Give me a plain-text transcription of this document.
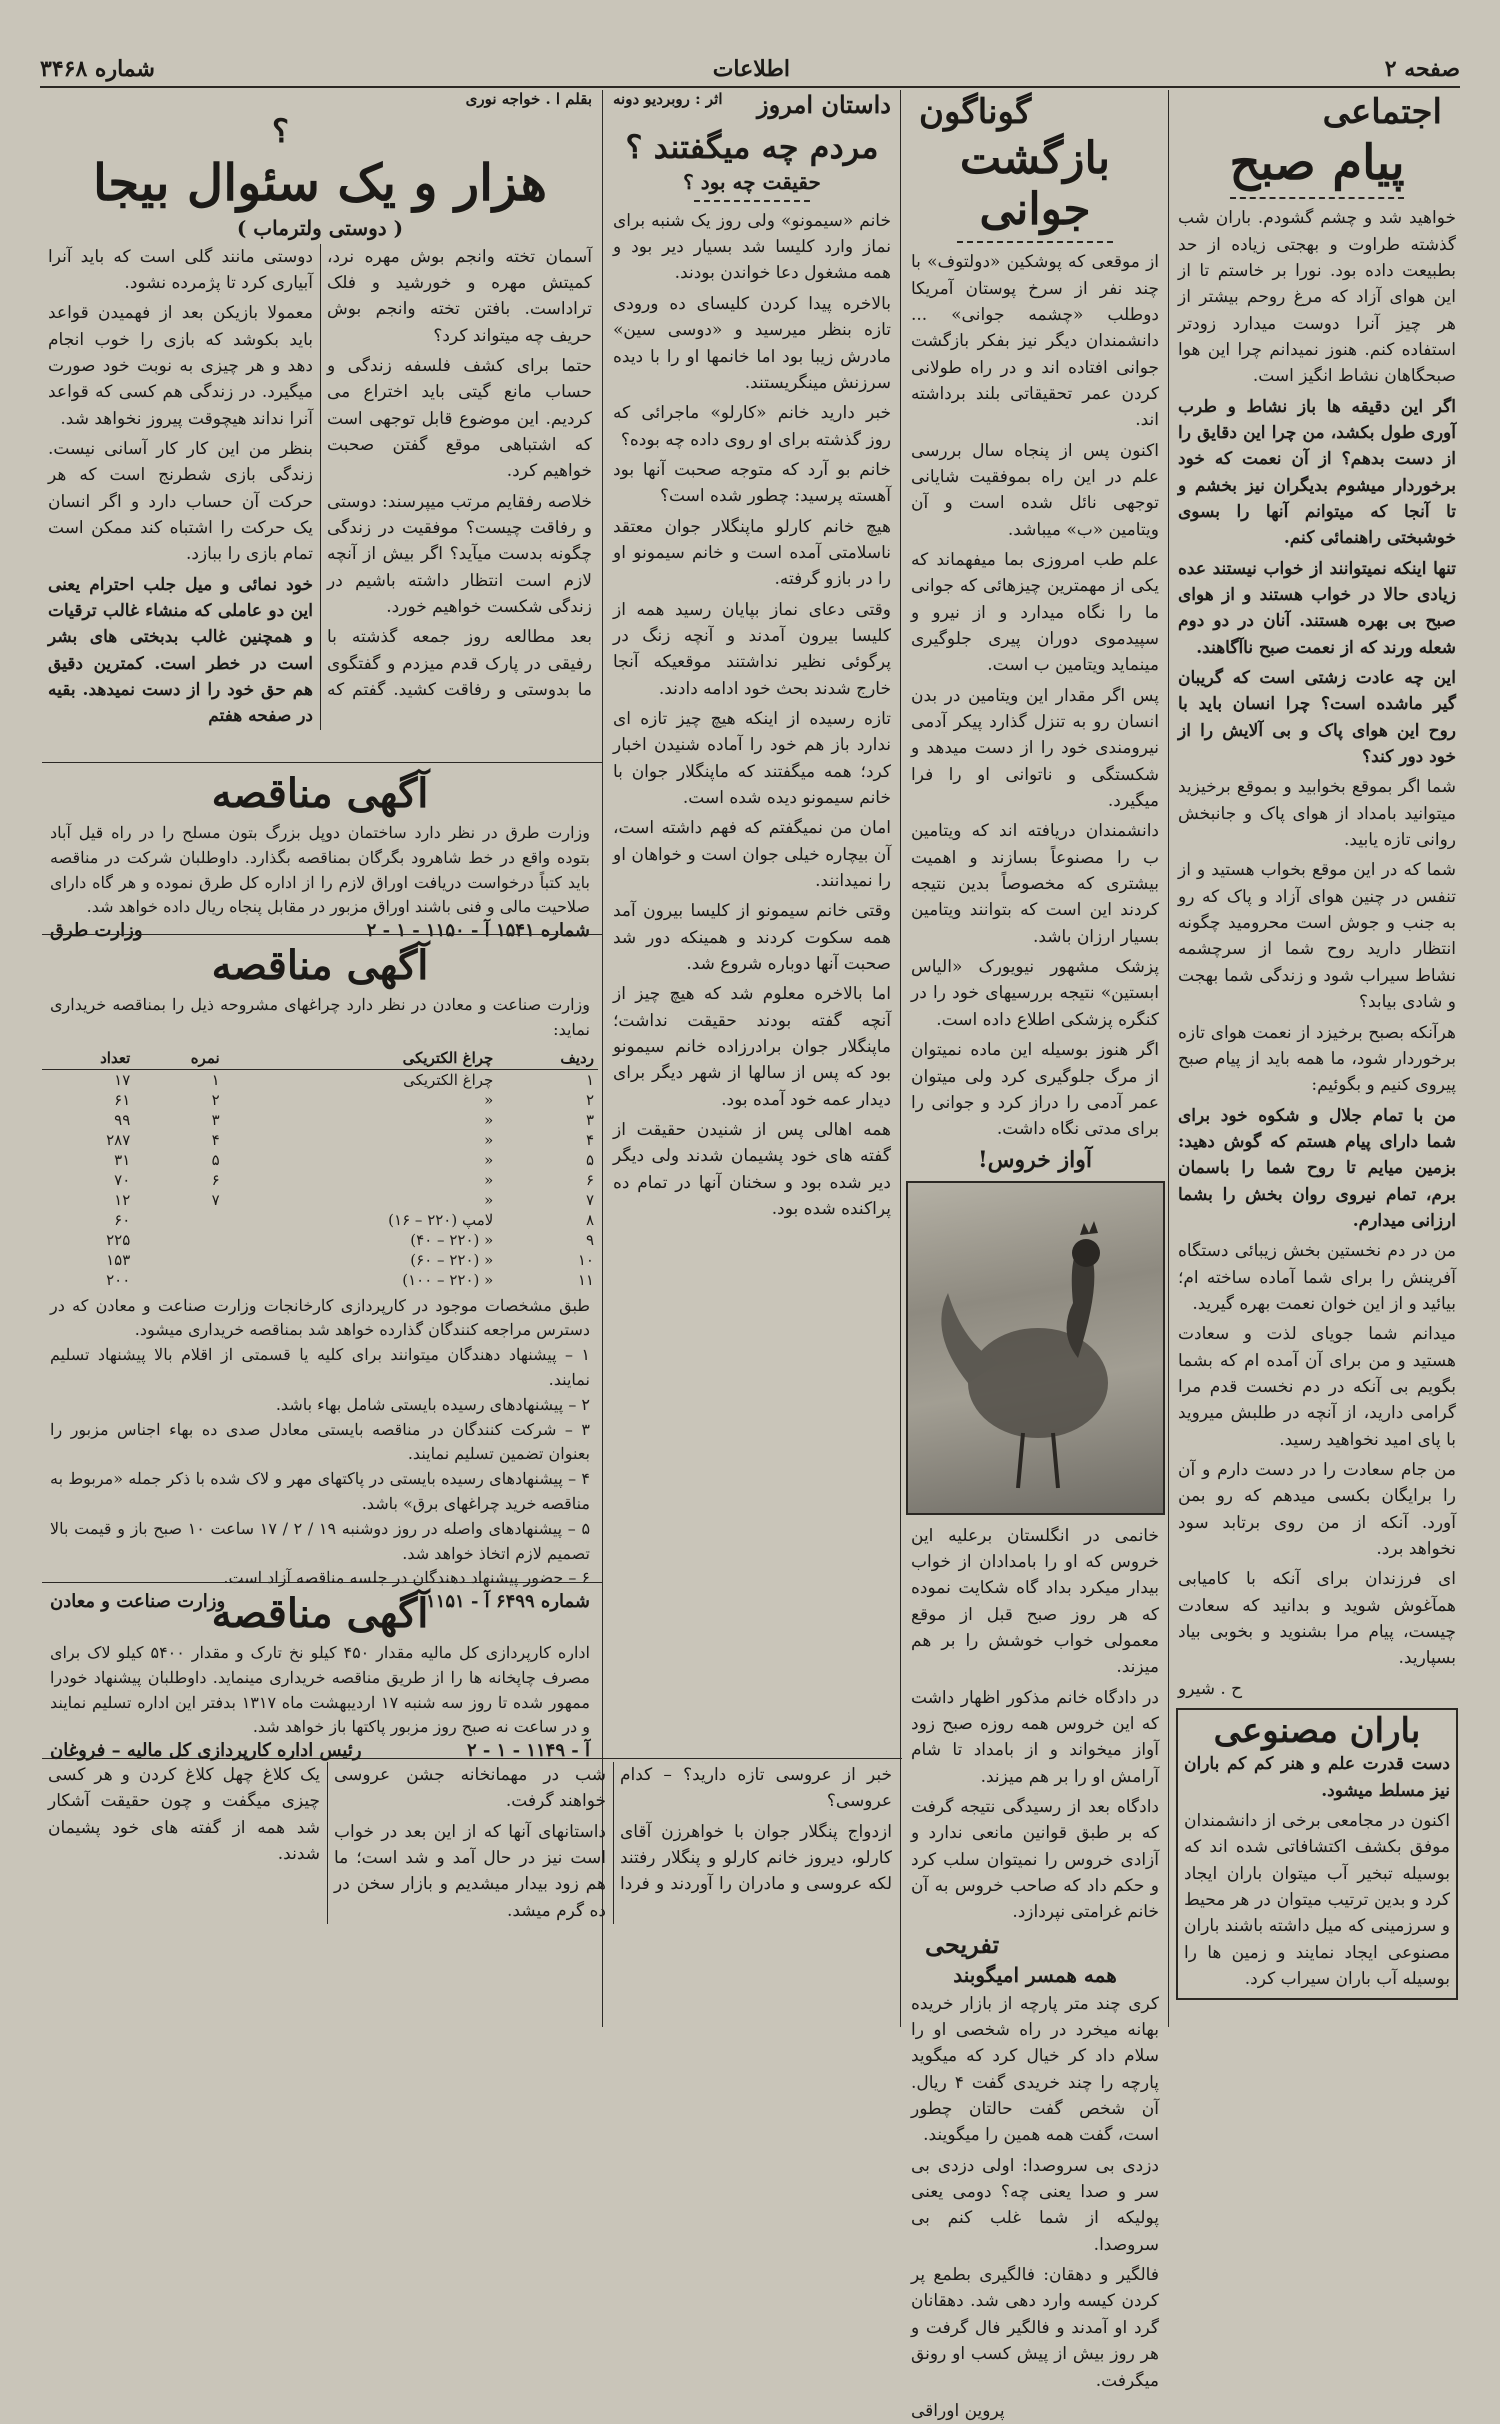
صفحه ۲
اطلاعات
شماره ۳۴۶۸
اجتماعی
پیام صبح

خواهید شد و چشم گشودم. باران شب گذشته طراوت و بهجتی زیاده از حد بطبیعت داده بود. نورا بر خاستم تا از این هوای آزاد که مرغ روحم بیشتر از هر چیز آنرا دوست میدارد زودتر استفاده کنم. هنوز نمیدانم چرا این هوا صبحگاهان نشاط انگیز است.

اگر این دقیقه ها باز نشاط و طرب آوری طول بکشد، من چرا این دقایق را از دست بدهم؟ از آن نعمت که خود برخوردار میشوم بدیگران نیز بخشم و تا آنجا که میتوانم آنها را بسوی خوشبختی راهنمائی کنم.

تنها اینکه نمیتوانند از خواب نیستند عده زیادی حالا در خواب هستند و از هوای صبح بی بهره هستند. آنان در دو دوم شعله ورند که از نعمت صبح ناآگاهند.

این چه عادت زشتی است که گریبان گیر ماشده است؟ چرا انسان باید با روح این هوای پاک و بی آلایش را از خود دور کند؟

شما اگر بموقع بخوابید و بموقع برخیزید میتوانید بامداد از هوای پاک و جانبخش روانی تازه یابید.

شما که در این موقع بخواب هستید و از تنفس در چنین هوای آزاد و پاک که رو به جنب و جوش است محرومید چگونه انتظار دارید روح شما از سرچشمه نشاط سیراب شود و زندگی شما بهجت و شادی بیابد؟

هرآنکه بصبح برخیزد از نعمت هوای تازه برخوردار شود، ما همه باید از پیام صبح پیروی کنیم و بگوئیم:

من با تمام جلال و شکوه خود برای شما دارای پیام هستم که گوش دهید: بزمین میایم تا روح شما را باسمان برم، تمام نیروی روان بخش را بشما ارزانی میدارم.

من در دم نخستین بخش زیبائی دستگاه آفرینش را برای شما آماده ساخته ام؛ بیائید و از این خوان نعمت بهره گیرید.

میدانم شما جویای لذت و سعادت هستید و من برای آن آمده ام که بشما بگویم بی آنکه در دم نخست قدم مرا گرامی دارید، از آنچه در طلبش میروید با پای امید نخواهید رسید.

من جام سعادت را در دست دارم و آن را برایگان بکسی میدهم که رو بمن آورد. آنکه از من روی برتابد سود نخواهد برد.

ای فرزندان برای آنکه با کامیابی همآغوش شوید و بدانید که سعادت چیست، پیام مرا بشنوید و بخوبی بیاد بسپارید.

ح . شیرو

باران مصنوعی

دست قدرت علم و هنر کم کم باران نیز مسلط میشود.

اکنون در مجامعی برخی از دانشمندان موفق بکشف اکتشافاتی شده اند که بوسیله تبخیر آب میتوان باران ایجاد کرد و بدین ترتیب میتوان در هر محیط و سرزمینی که میل داشته باشند باران مصنوعی ایجاد نمایند و زمین ها را بوسیله آب باران سیراب کرد.

گوناگون
بازگشت جوانی

از موقعی که پوشکین «دولتوف» با چند نفر از سرخ پوستان آمریکا دوطلب «چشمه جوانی» ... دانشمندان دیگر نیز بفکر بازگشت جوانی افتاده اند و در راه طولانی کردن عمر تحقیقاتی بلند برداشته اند.

اکنون پس از پنجاه سال بررسی علم در این راه بموفقیت شایانی توجهی نائل شده است و آن ویتامین «ب» میباشد.

علم طب امروزی بما میفهماند که یکی از مهمترین چیزهائی که جوانی ما را نگاه میدارد و از نیرو و سپیدموی دوران پیری جلوگیری مینماید ویتامین ب است.

پس اگر مقدار این ویتامین در بدن انسان رو به تنزل گذارد پیکر آدمی نیرومندی خود را از دست میدهد و شکستگی و ناتوانی او را فرا میگیرد.

دانشمندان دریافته اند که ویتامین ب را مصنوعاً بسازند و اهمیت بیشتری که مخصوصاً بدین نتیجه کردند این است که بتوانند ویتامین بسیار ارزان باشد.

پزشک مشهور نیویورک «الیاس ابستین» نتیجه بررسیهای خود را در کنگره پزشکی اطلاع داده است.

اگر هنوز بوسیله این ماده نمیتوان از مرگ جلوگیری کرد ولی میتوان عمر آدمی را دراز کرد و جوانی را برای مدتی نگاه داشت.

آواز خروس!

خانمی در انگلستان برعلیه این خروس که او را بامدادان از خواب بیدار میکرد بداد گاه شکایت نموده که هر روز صبح قبل از موقع معمولی خواب خوشش را بر هم میزند.

در دادگاه خانم مذکور اظهار داشت که این خروس همه روزه صبح زود آواز میخواند و از بامداد تا شام آرامش او را بر هم میزند.

دادگاه بعد از رسیدگی نتیجه گرفت که بر طبق قوانین مانعی ندارد و آزادی خروس را نمیتوان سلب کرد و حکم داد که صاحب خروس به آن خانم غرامتی نپردازد.

تفریحی
همه همسر امیگوبند

کری چند متر پارچه از بازار خریده بهانه میخرد در راه شخصی او را سلام داد کر خیال کرد که میگوید پارچه را چند خریدی گفت ۴ ریال. آن شخص گفت حالتان چطور است، گفت همه همین را میگویند.

دزدی بی سروصدا: اولی دزدی بی سر و صدا یعنی چه؟ دومی یعنی پولیکه از شما غلب کنم بی سروصدا.

فالگیر و دهقان: فالگیری بطمع پر کردن کیسه وارد دهی شد. دهقانان گرد او آمدند و فالگیر فال گرفت و هر روز بیش از پیش کسب او رونق میگرفت.

پروین اوراقی

داستان امروز
اثر : روبردیو دونه
مردم چه میگفتند ؟
حقیقت چه بود ؟

خانم «سیمونو» ولی روز یک شنبه برای نماز وارد کلیسا شد بسیار دیر بود و همه مشغول دعا خواندن بودند.

بالاخره پیدا کردن کلیساى ده ورودی تازه بنظر میرسید و «دوسی سین» مادرش زیبا بود اما خانمها او را با دیده سرزنش مینگریستند.

خبر دارید خانم «کارلو» ماجرائی که روز گذشته برای او روی داده چه بوده؟

خانم بو آرد که متوجه صحبت آنها بود آهسته پرسید: چطور شده است؟

هیچ خانم کارلو ماپنگلار جوان معتقد ناسلامتی آمده است و خانم سیمونو او را در بازو گرفته.

وقتی دعای نماز بپایان رسید همه از کلیسا بیرون آمدند و آنچه زنگ در پرگوئی نظیر نداشتند موقعیکه آنجا خارج شدند بحث خود ادامه دادند.

تازه رسیده از اینکه هیچ چیز تازه ای ندارد باز هم خود را آماده شنیدن اخبار کرد؛ همه میگفتند که ماپنگلار جوان با خانم سیمونو دیده شده است.

امان من نمیگفتم که فهم داشته است، آن بیچاره خیلی جوان است و خواهان او را نمیدانند.

وقتی خانم سیمونو از کلیسا بیرون آمد همه سکوت کردند و همینکه دور شد صحبت آنها دوباره شروع شد.

اما بالاخره معلوم شد که هیچ چیز از آنچه گفته بودند حقیقت نداشت؛ ماپنگلار جوان برادرزاده خانم سیمونو بود که پس از سالها از شهر دیگر برای دیدار عمه خود آمده بود.

همه اهالی پس از شنیدن حقیقت از گفته های خود پشیمان شدند ولی دیگر دیر شده بود و سخنان آنها در تمام ده پراکنده شده بود.

بقلم ا . خواجه نوری
؟
هزار و یک سئوال بیجا
( دوستی ولترماب )

آسمان تخته وانجم بوش مهره نرد، کمیتش مهره و خورشید و فلک تراداست. بافتن تخته وانجم بوش حریف چه میتواند کرد؟

حتما برای کشف فلسفه زندگی و حساب مانع گیتی باید اختراع می کردیم. این موضوع قابل توجهی است که اشتباهی موقع گفتن صحبت خواهیم کرد.

خلاصه رفقایم مرتب میپرسند: دوستی و رفاقت چیست؟ موفقیت در زندگی چگونه بدست میآید؟ اگر بیش از آنچه لازم است انتظار داشته باشیم در زندگی شکست خواهیم خورد.

بعد مطالعه روز جمعه گذشته با رفیقی در پارک قدم میزدم و گفتگوی ما بدوستی و رفاقت کشید. گفتم که دوستی مانند گلی است که باید آنرا آبیاری کرد تا پژمرده نشود.

معمولا بازیکن بعد از فهمیدن قواعد باید بکوشد که بازی را خوب انجام دهد و هر چیزی به نوبت خود صورت میگیرد. در زندگی هم کسی که قواعد آنرا نداند هیچوقت پیروز نخواهد شد.

بنظر من این کار کار آسانی نیست. زندگی بازی شطرنج است که هر حرکت آن حساب دارد و اگر انسان یک حرکت را اشتباه کند ممکن است تمام بازی را ببازد.

خود نمائی و میل جلب احترام یعنی این دو عاملی که منشاء غالب ترقیات و همچنین غالب بدبختی های بشر است در خطر است. کمترین دقیق هم حق خود را از دست نمیدهد. بقیه در صفحه هفتم

آگهی مناقصه
وزارت طرق در نظر دارد ساختمان دوپل بزرگ بتون مسلح را در راه قیل آباد بتوده واقع در خط شاهرود بگرگان بمناقصه بگذارد. داوطلبان شرکت در مناقصه باید کتباً درخواست دریافت اوراق لازم را از اداره کل طرق نموده و هر گاه دارای صلاحیت مالی و فنی باشند اوراق مزبور در مقابل پنجاه ریال داده خواهد شد.
شماره ۱۵۴۱ آ - ۱۱۵۰ - ۱ - ۲
وزارت طرق
آگهی مناقصه
وزارت صناعت و معادن در نظر دارد چراغهای مشروحه ذیل را بمناقصه خریداری نماید:
ردیف	چراغ الکتریکی	نمره	تعداد
۱	چراغ الکتریکی	۱	۱۷
۲	«	۲	۶۱
۳	«	۳	۹۹
۴	«	۴	۲۸۷
۵	«	۵	۳۱
۶	«	۶	۷۰
۷	«	۷	۱۲
۸	لامپ (۲۲۰ – ۱۶)		۶۰
۹	« (۲۲۰ – ۴۰)		۲۲۵
۱۰	« (۲۲۰ – ۶۰)		۱۵۳
۱۱	« (۲۲۰ – ۱۰۰)		۲۰۰
طبق مشخصات موجود در کارپردازی کارخانجات وزارت صناعت و معادن که در دسترس مراجعه کنندگان گذارده خواهد شد بمناقصه خریداری میشود.
۱ – پیشنهاد دهندگان میتوانند برای کلیه یا قسمتی از اقلام بالا پیشنهاد تسلیم نمایند.
۲ – پیشنهادهای رسیده بایستی شامل بهاء باشد.
۳ – شرکت کنندگان در مناقصه بایستی معادل صدی ده بهاء اجناس مزبور را بعنوان تضمین تسلیم نمایند.
۴ – پیشنهادهای رسیده بایستی در پاکتهای مهر و لاک شده با ذکر جمله «مربوط به مناقصه خرید چراغهای برق» باشد.
۵ – پیشنهادهای واصله در روز دوشنبه ۱۹ / ۲ / ۱۷ ساعت ۱۰ صبح باز و قیمت بالا تصمیم لازم اتخاذ خواهد شد.
۶ – حضور پیشنهاد دهندگان در جلسه مناقصه آزاد است.
شماره ۶۴۹۹ آ - ۱۱۵۱
وزارت صناعت و معادن
آگهی مناقصه
اداره کارپردازی کل مالیه مقدار ۴۵۰ کیلو نخ تارک و مقدار ۵۴۰۰ کیلو لاک برای مصرف چاپخانه ها را از طریق مناقصه خریداری مینماید. داوطلبان پیشنهاد خودرا ممهور شده تا روز سه شنبه ۱۷ اردیبهشت ماه ۱۳۱۷ بدفتر این اداره تسلیم نمایند و در ساعت نه صبح روز مزبور پاکتها باز خواهد شد.
آ - ۱۱۴۹ - ۱ - ۲
رئیس اداره کارپردازی کل مالیه – فروغان

خبر از عروسی تازه دارید؟ – کدام عروسی؟

ازدواج پنگلار جوان با خواهرزن آقای کارلو، دیروز خانم کارلو و پنگلار رفتند لکه عروسی و مادران را آوردند و فردا شب در مهمانخانه جشن عروسی خواهند گرفت.

داستانهای آنها که از این بعد در خواب است نیز در حال آمد و شد است؛ ما هم زود بیدار میشدیم و بازار سخن در ده گرم میشد.

یک کلاغ چهل کلاغ کردن و هر کسی چیزی میگفت و چون حقیقت آشکار شد همه از گفته های خود پشیمان شدند.
